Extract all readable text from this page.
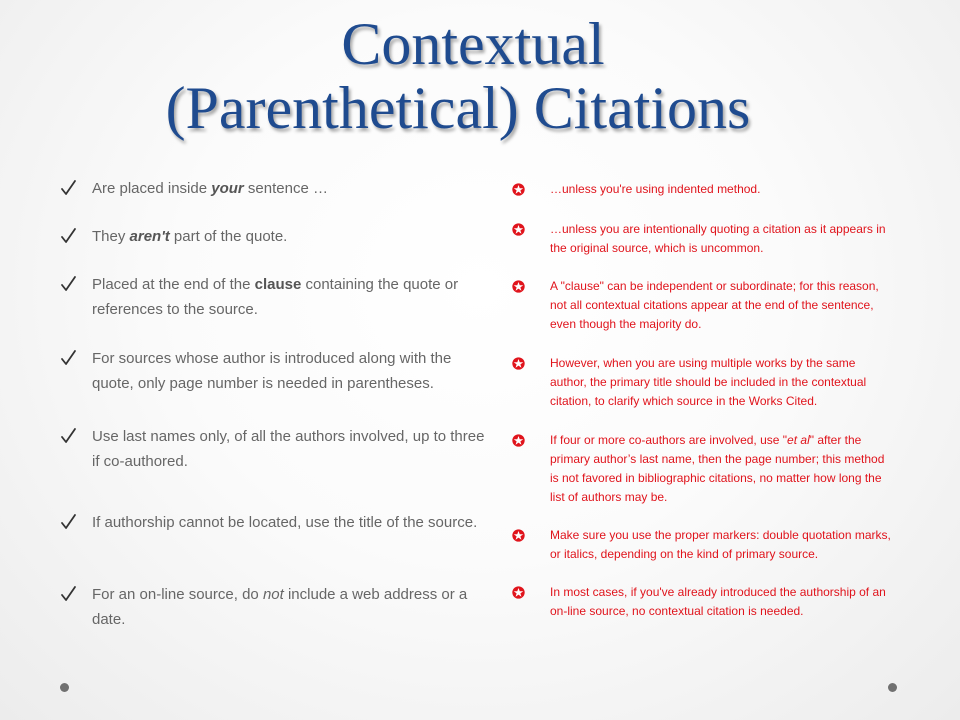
Contextual
(Parenthetical) Citations
Are placed inside your sentence …
They aren't part of the quote.
Placed at the end of the clause containing the quote or references to the source.
For sources whose author is introduced along with the quote, only page number is needed in parentheses.
Use last names only, of all the authors involved, up to three if co-authored.
If authorship cannot be located, use the title of the source.
For an on-line source, do not include a web address or a date.
…unless you're using indented method.
…unless you are intentionally quoting a citation as it appears in the original source, which is uncommon.
A "clause" can be independent or subordinate; for this reason, not all contextual citations appear at the end of the sentence, even though the majority do.
However, when you are using multiple works by the same author, the primary title should be included in the contextual citation, to clarify which source in the Works Cited.
If four or more co-authors are involved, use "et al" after the primary author’s last name, then the page number; this method is not favored in bibliographic citations, no matter how long the list of authors may be.
Make sure you use the proper markers: double quotation marks, or italics, depending on the kind of primary source.
In most cases, if you've already introduced the authorship of an on-line source, no contextual citation is needed.
